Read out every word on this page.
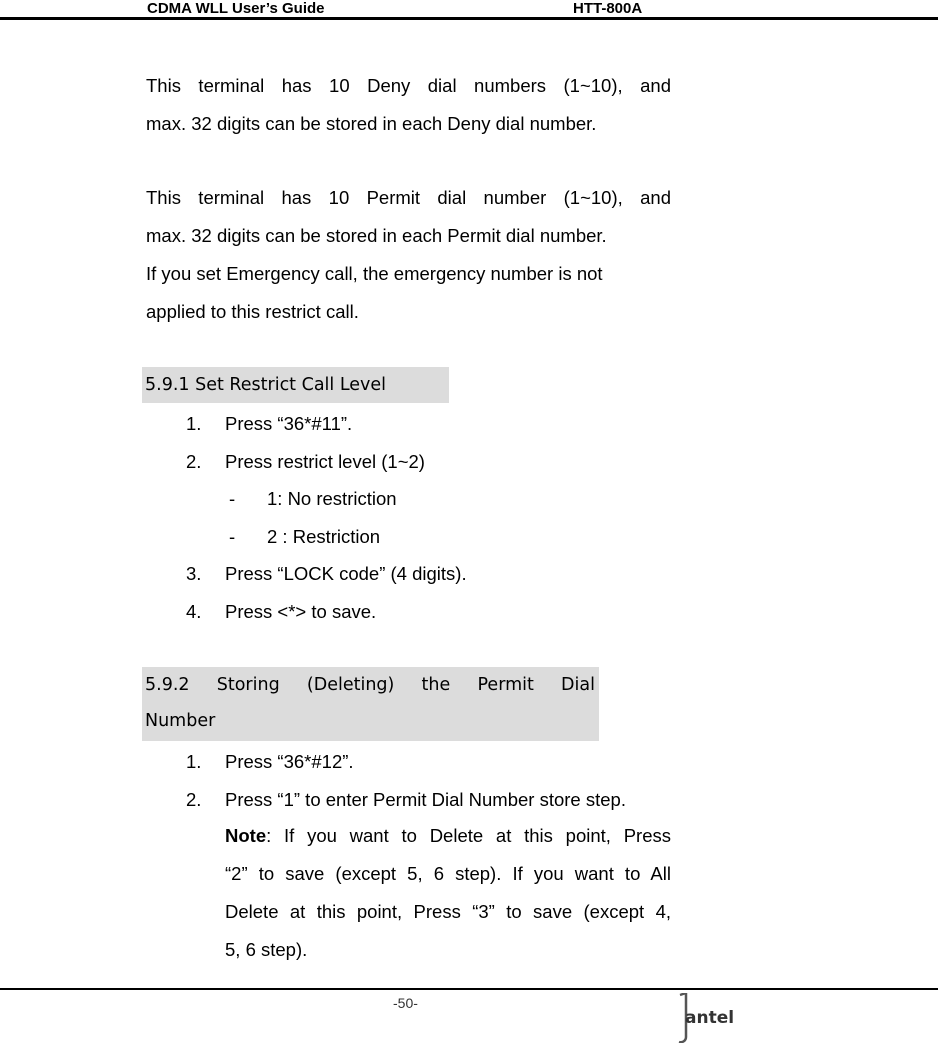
CDMA WLL User’s Guide	HTT-800A
This terminal has 10 Deny dial numbers (1~10), and
max. 32 digits can be stored in each Deny dial number.
This terminal has 10 Permit dial number (1~10), and
max. 32 digits can be stored in each Permit dial number.
If you set Emergency call, the emergency number is not
applied to this restrict call.
5.9.1 Set Restrict Call Level
1. Press “36*#11”.
2. Press restrict level (1~2)
- 1: No restriction
- 2 : Restriction
3. Press “LOCK code” (4 digits).
4. Press <*> to save.
5.9.2 Storing (Deleting) the Permit Dial
Number
1. Press “36*#12”.
2. Press “1” to enter Permit Dial Number store step.
Note: If you want to Delete at this point, Press
“2” to save (except 5, 6 step). If you want to All
Delete at this point, Press “3” to save (except 4,
5, 6 step).
-50-
antel
